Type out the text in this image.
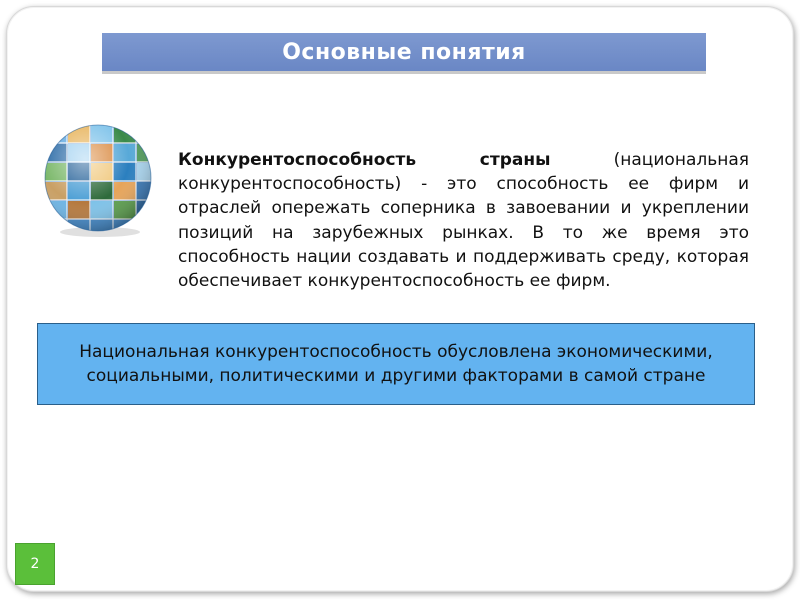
Основные понятия
Конкурентоспособность страны (национальная конкурентоспособность) - это способность ее фирм и отраслей опережать соперника в завоевании и укреплении позиций на зарубежных рынках. В то же время это способность нации создавать и поддерживать среду, которая обеспечивает конкурентоспособность ее фирм.
Национальная конкурентоспособность обусловлена экономическими, социальными, политическими и другими факторами в самой стране
2
